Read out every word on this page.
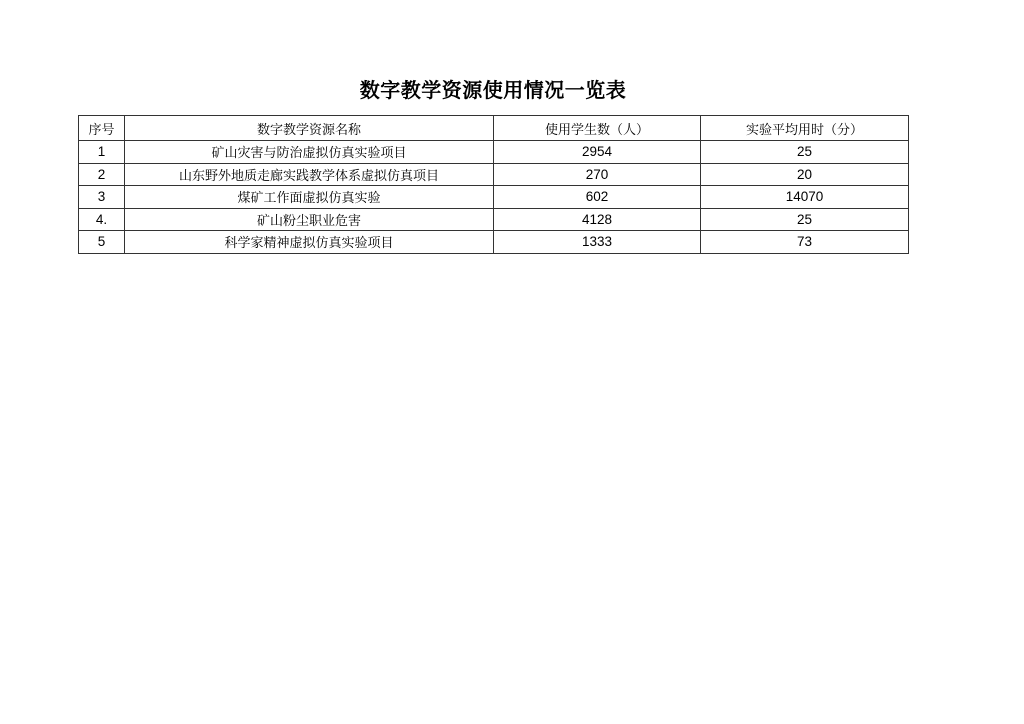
数字教学资源使用情况一览表
序号	数字教学资源名称	使用学生数（人）	实验平均用时（分）
1	矿山灾害与防治虚拟仿真实验项目	2954	25
2	山东野外地质走廊实践教学体系虚拟仿真项目	270	20
3	煤矿工作面虚拟仿真实验	602	14070
4.	矿山粉尘职业危害	4128	25
5	科学家精神虚拟仿真实验项目	1333	73
